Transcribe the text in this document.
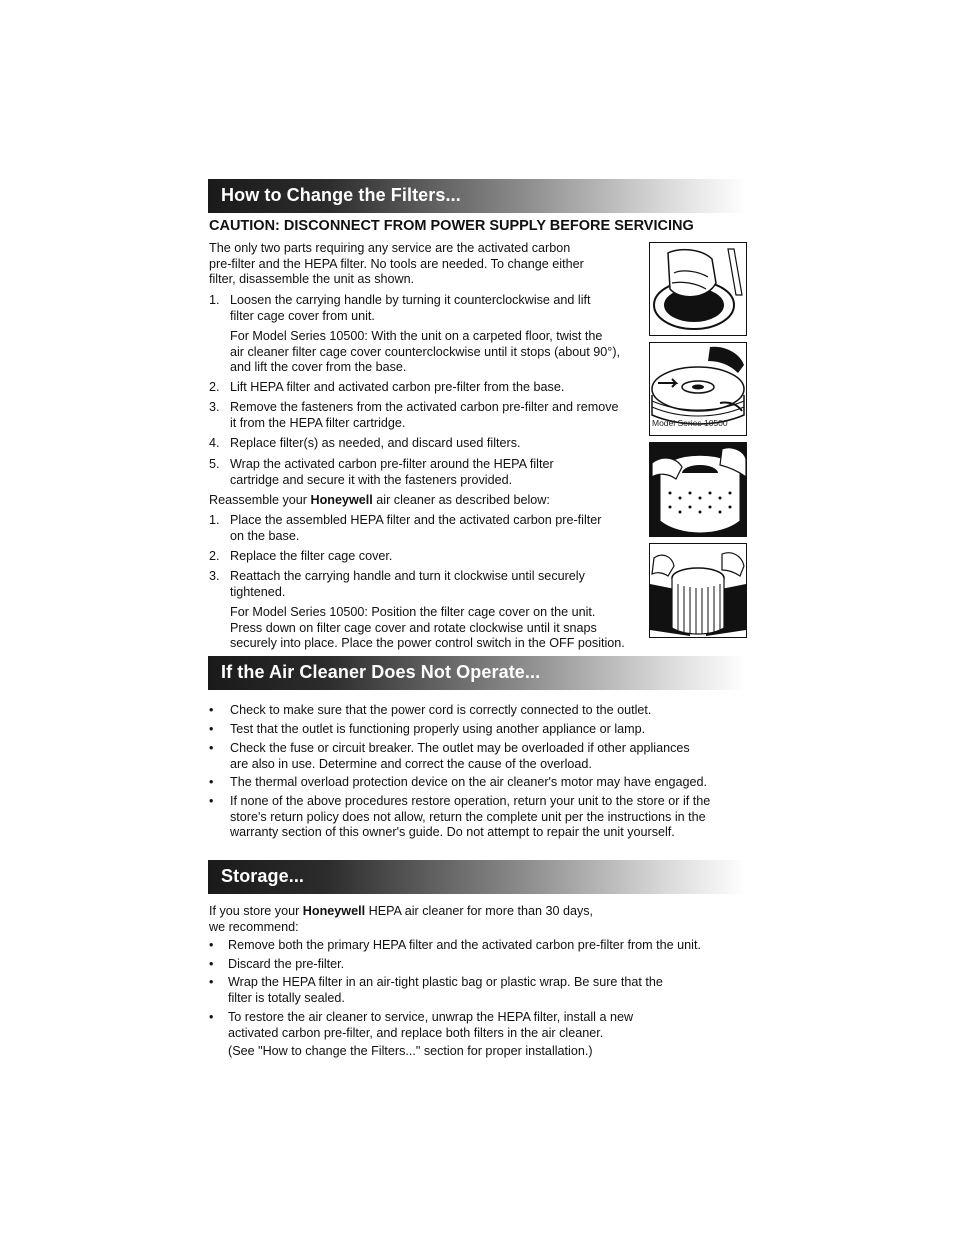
How to Change the Filters...
CAUTION: DISCONNECT FROM POWER SUPPLY BEFORE SERVICING
The only two parts requiring any service are the activated carbon
pre-filter and the HEPA filter. No tools are needed. To change either
filter, disassemble the unit as shown.
1. Loosen the carrying handle by turning it counterclockwise and lift
filter cage cover from unit.
For Model Series 10500: With the unit on a carpeted floor, twist the
air cleaner filter cage cover counterclockwise until it stops (about 90°),
and lift the cover from the base.
2. Lift HEPA filter and activated carbon pre-filter from the base.
3. Remove the fasteners from the activated carbon pre-filter and remove
it from the HEPA filter cartridge.
4. Replace filter(s) as needed, and discard used filters.
5. Wrap the activated carbon pre-filter around the HEPA filter
cartridge and secure it with the fasteners provided.
Reassemble your Honeywell air cleaner as described below:
1. Place the assembled HEPA filter and the activated carbon pre-filter
on the base.
2. Replace the filter cage cover.
3. Reattach the carrying handle and turn it clockwise until securely
tightened.
For Model Series 10500: Position the filter cage cover on the unit.
Press down on filter cage cover and rotate clockwise until it snaps
securely into place. Place the power control switch in the OFF position.
Model Series 10500
If the Air Cleaner Does Not Operate...
• Check to make sure that the power cord is correctly connected to the outlet.
• Test that the outlet is functioning properly using another appliance or lamp.
• Check the fuse or circuit breaker. The outlet may be overloaded if other appliances
are also in use. Determine and correct the cause of the overload.
• The thermal overload protection device on the air cleaner's motor may have engaged.
• If none of the above procedures restore operation, return your unit to the store or if the
store's return policy does not allow, return the complete unit per the instructions in the
warranty section of this owner's guide. Do not attempt to repair the unit yourself.
Storage...
If you store your Honeywell HEPA air cleaner for more than 30 days,
we recommend:
• Remove both the primary HEPA filter and the activated carbon pre-filter from the unit.
• Discard the pre-filter.
• Wrap the HEPA filter in an air-tight plastic bag or plastic wrap. Be sure that the
filter is totally sealed.
• To restore the air cleaner to service, unwrap the HEPA filter, install a new
activated carbon pre-filter, and replace both filters in the air cleaner.
(See "How to change the Filters..." section for proper installation.)
